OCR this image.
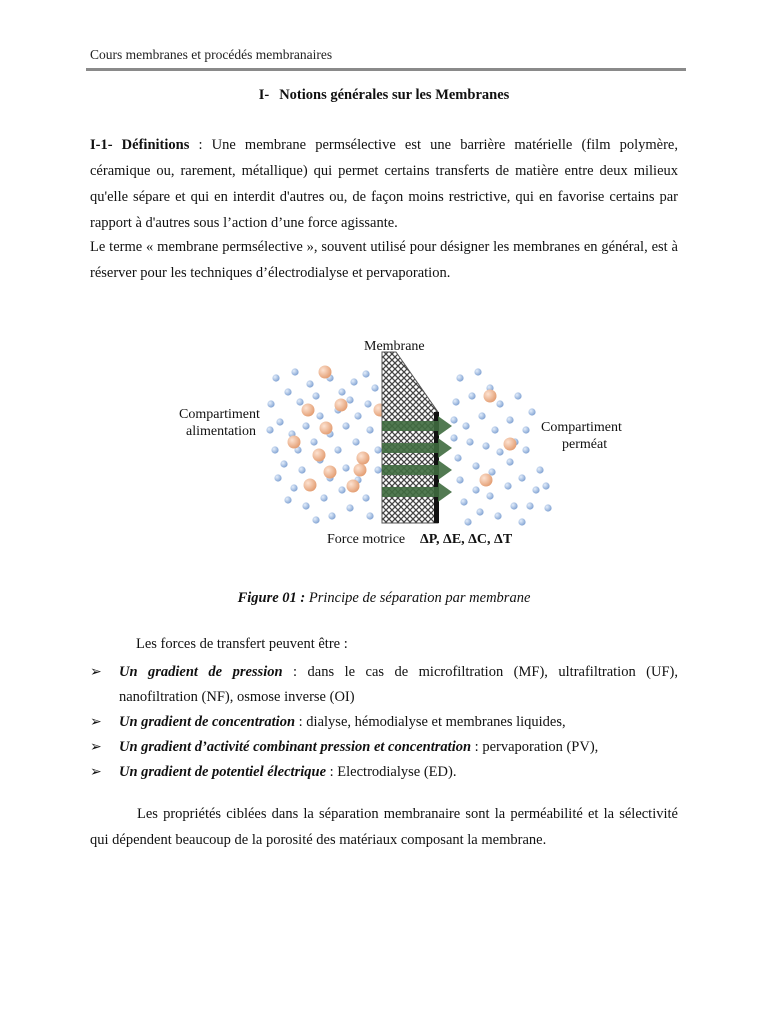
Cours membranes et procédés membranaires
I- Notions générales sur les Membranes
I-1- Définitions : Une membrane permsélective est une barrière matérielle (film polymère, céramique ou, rarement, métallique) qui permet certains transferts de matière entre deux milieux qu'elle sépare et qui en interdit d'autres ou, de façon moins restrictive, qui en favorise certains par rapport à d'autres sous l’action d’une force agissante.
Le terme « membrane permsélective », souvent utilisé pour désigner les membranes en général, est à réserver pour les techniques d’électrodialyse et pervaporation.
Membrane
Compartiment
alimentation	Compartiment
perméat
Force motrice ΔP, ΔE, ΔC, ΔT
Figure 01 : Principe de séparation par membrane
Les forces de transfert peuvent être :
➢ Un gradient de pression : dans le cas de microfiltration (MF), ultrafiltration (UF), nanofiltration (NF), osmose inverse (OI)
➢ Un gradient de concentration : dialyse, hémodialyse et membranes liquides,
➢ Un gradient d’activité combinant pression et concentration : pervaporation (PV),
➢ Un gradient de potentiel électrique : Electrodialyse (ED).
Les propriétés ciblées dans la séparation membranaire sont la perméabilité et la sélectivité qui dépendent beaucoup de la porosité des matériaux composant la membrane.
